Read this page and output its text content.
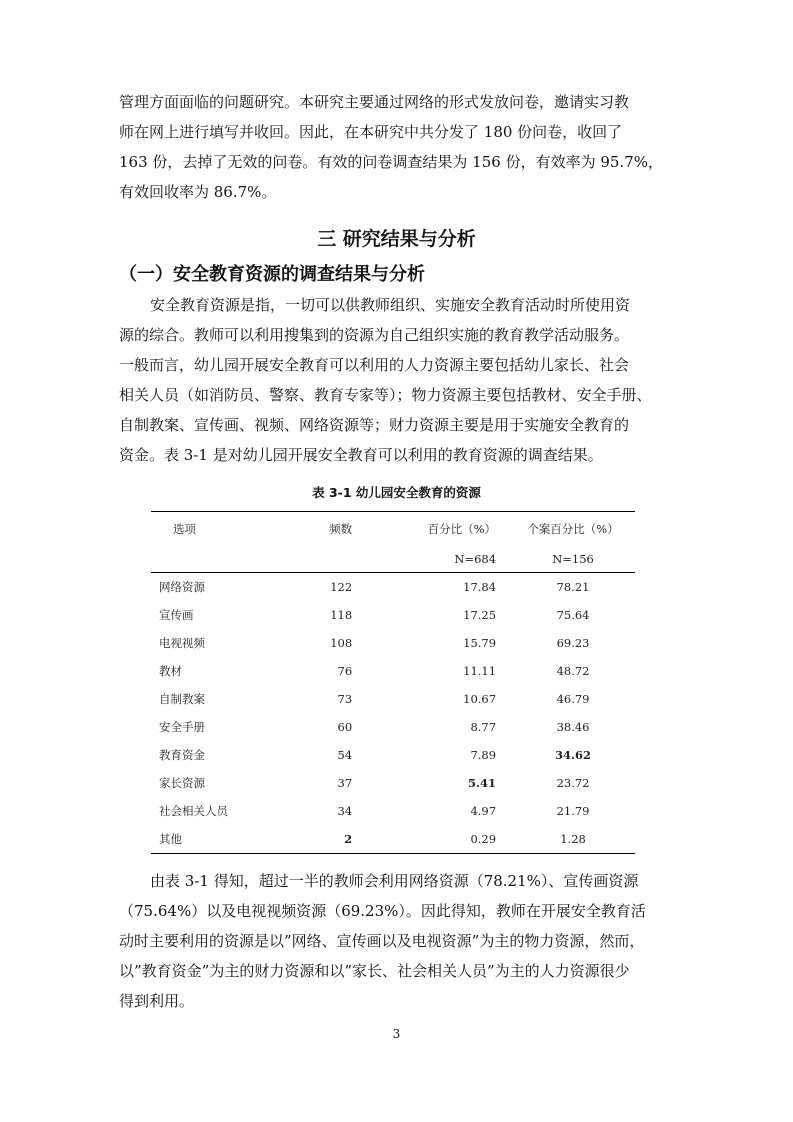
管理方面面临的问题研究。本研究主要通过网络的形式发放问卷，邀请实习教
师在网上进行填写并收回。因此，在本研究中共分发了 180 份问卷，收回了
163 份，去掉了无效的问卷。有效的问卷调查结果为 156 份，有效率为 95.7%，
有效回收率为 86.7%。

三 研究结果与分析
（一）安全教育资源的调查结果与分析

安全教育资源是指，一切可以供教师组织、实施安全教育活动时所使用资
源的综合。教师可以利用搜集到的资源为自己组织实施的教育教学活动服务。
一般而言，幼儿园开展安全教育可以利用的人力资源主要包括幼儿家长、社会
相关人员（如消防员、警察、教育专家等）；物力资源主要包括教材、安全手册、
自制教案、宣传画、视频、网络资源等；财力资源主要是用于实施安全教育的
资金。表 3-1 是对幼儿园开展安全教育可以利用的教育资源的调查结果。

表 3-1 幼儿园安全教育的资源

选项	频数	百分比（%）	个案百分比（%）
		N=684	N=156
网络资源	122	17.84	78.21
宣传画	118	17.25	75.64
电视视频	108	15.79	69.23
教材	76	11.11	48.72
自制教案	73	10.67	46.79
安全手册	60	8.77	38.46
教育资金	54	7.89	34.62
家长资源	37	5.41	23.72
社会相关人员	34	4.97	21.79
其他	2	0.29	1.28

由表 3-1 得知，超过一半的教师会利用网络资源（78.21%）、宣传画资源
（75.64%）以及电视视频资源（69.23%）。因此得知，教师在开展安全教育活
动时主要利用的资源是以”网络、宣传画以及电视资源”为主的物力资源，然而，
以”教育资金”为主的财力资源和以”家长、社会相关人员”为主的人力资源很少
得到利用。

3
